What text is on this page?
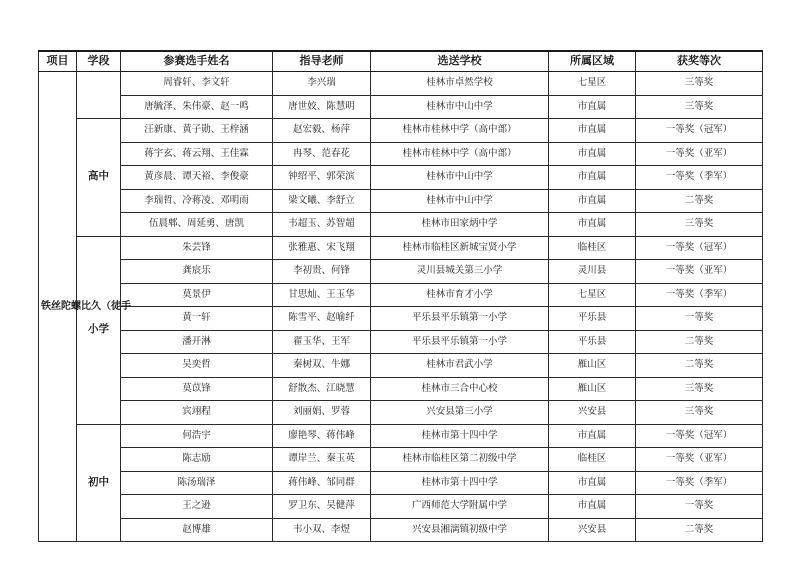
项目	学段	参赛选手姓名	指导老师	选送学校	所属区域	获奖等次

铁丝陀螺比久（徒手		周睿轩、李文轩	李兴瑞	桂林市卓然学校	七星区	三等奖
		唐毓泽、朱伟豪、赵一鸣	唐世姣、陈慧明	桂林市中山中学	市直属	三等奖
	高中	汪新康、黄子勋、王梓涵	赵宏毅、杨萍	桂林市桂林中学（高中部）	市直属	一等奖（冠军）
		蒋宇玄、蒋云翔、王佳霖	冉琴、范春花	桂林市桂林中学（高中部）	市直属	一等奖（亚军）
		黄彦晨、谭天裕、李俊豪	钟绍平、郭荣滨	桂林市中山中学	市直属	一等奖（季军）
		李瑞哲、冷蒋凌、邓明雨	梁文曦、李舒立	桂林市中山中学	市直属	二等奖
		伍晨郫、周延勇、唐凯	韦超玉、苏智超	桂林市田家炳中学	市直属	三等奖
	小学	朱芸锋	张雅惠、宋飞翔	桂林市临桂区新城宝贤小学	临桂区	一等奖（冠军）
		龚宸乐	李初贵、何锋	灵川县城关第三小学	灵川县	一等奖（亚军）
		莫景伊	甘思灿、王玉华	桂林市育才小学	七星区	一等奖（季军）
		黄一轩	陈雪平、赵喻纤	平乐县平乐镇第一小学	平乐县	一等奖
		潘开淋	翟玉华、王军	平乐县平乐镇第一小学	平乐县	二等奖
		吴奕哲	秦树双、牛娜	桂林市君武小学	雁山区	二等奖
		莫苡锋	舒散杰、江晓慧	桂林市三合中心校	雁山区	三等奖
		宾翊程	刘丽娟、罗蓉	兴安县第三小学	兴安县	三等奖
	初中	何浩宇	廖艳琴、蒋伟峰	桂林市第十四中学	市直属	一等奖（冠军）
		陈志励	谭岸兰、秦玉英	桂林市临桂区第二初级中学	临桂区	一等奖（亚军）
		陈汤瑞泽	蒋伟峰、邹同群	桂林市第十四中学	市直属	一等奖（季军）
		王之逊	罗卫东、吴健萍	广西师范大学附属中学	市直属	一等奖
		赵博雄	韦小双、李煜	兴安县湘漓镇初级中学	兴安县	二等奖
